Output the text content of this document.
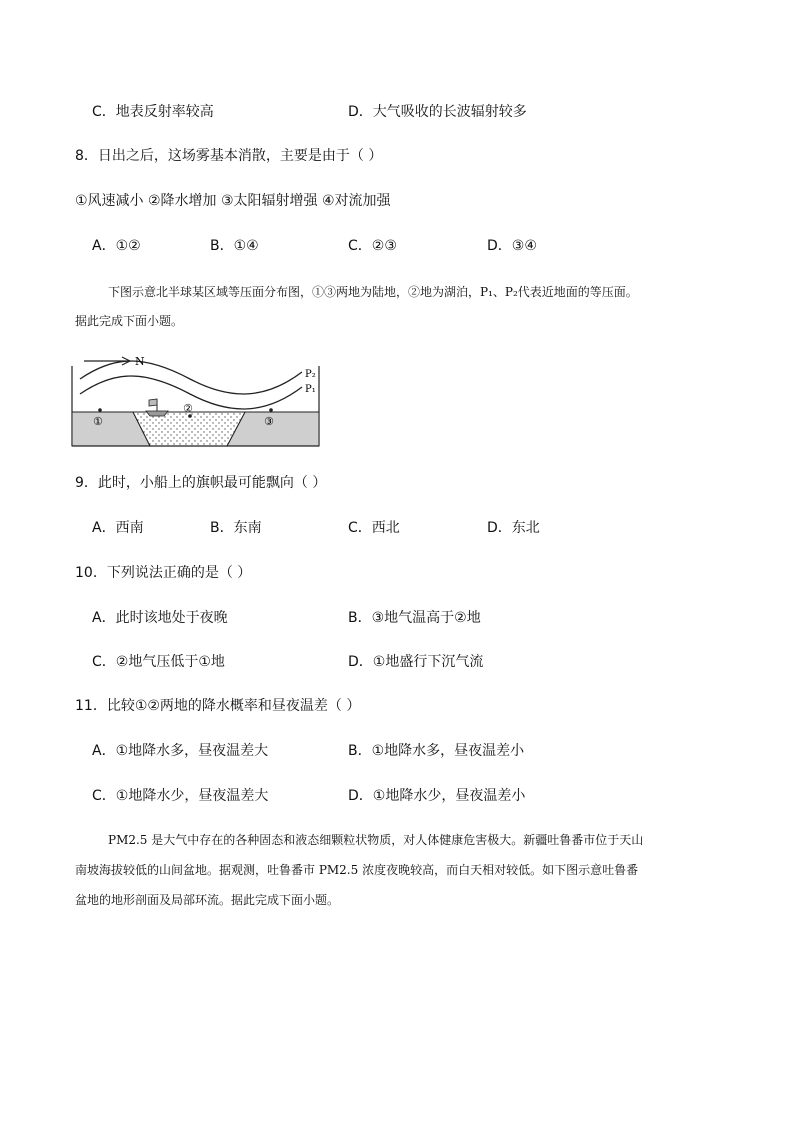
C．地表反射率较高	D．大气吸收的长波辐射较多
8．日出之后，这场雾基本消散，主要是由于（ ）
①风速减小 ②降水增加 ③太阳辐射增强 ④对流加强
A．①②	B．①④	C．②③	D．③④
下图示意北半球某区域等压面分布图，①③两地为陆地，②地为湖泊，P₁、P₂代表近地面的等压面。
据此完成下面小题。
N
P₂
P₁
①
②
③
9．此时，小船上的旗帜最可能飘向（ ）
A．西南	B．东南	C．西北	D．东北
10．下列说法正确的是（ ）
A．此时该地处于夜晚	B．③地气温高于②地
C．②地气压低于①地	D．①地盛行下沉气流
11．比较①②两地的降水概率和昼夜温差（ ）
A．①地降水多，昼夜温差大	B．①地降水多，昼夜温差小
C．①地降水少，昼夜温差大	D．①地降水少，昼夜温差小
PM2.5 是大气中存在的各种固态和液态细颗粒状物质，对人体健康危害极大。新疆吐鲁番市位于天山
南坡海拔较低的山间盆地。据观测，吐鲁番市 PM2.5 浓度夜晚较高，而白天相对较低。如下图示意吐鲁番
盆地的地形剖面及局部环流。据此完成下面小题。
